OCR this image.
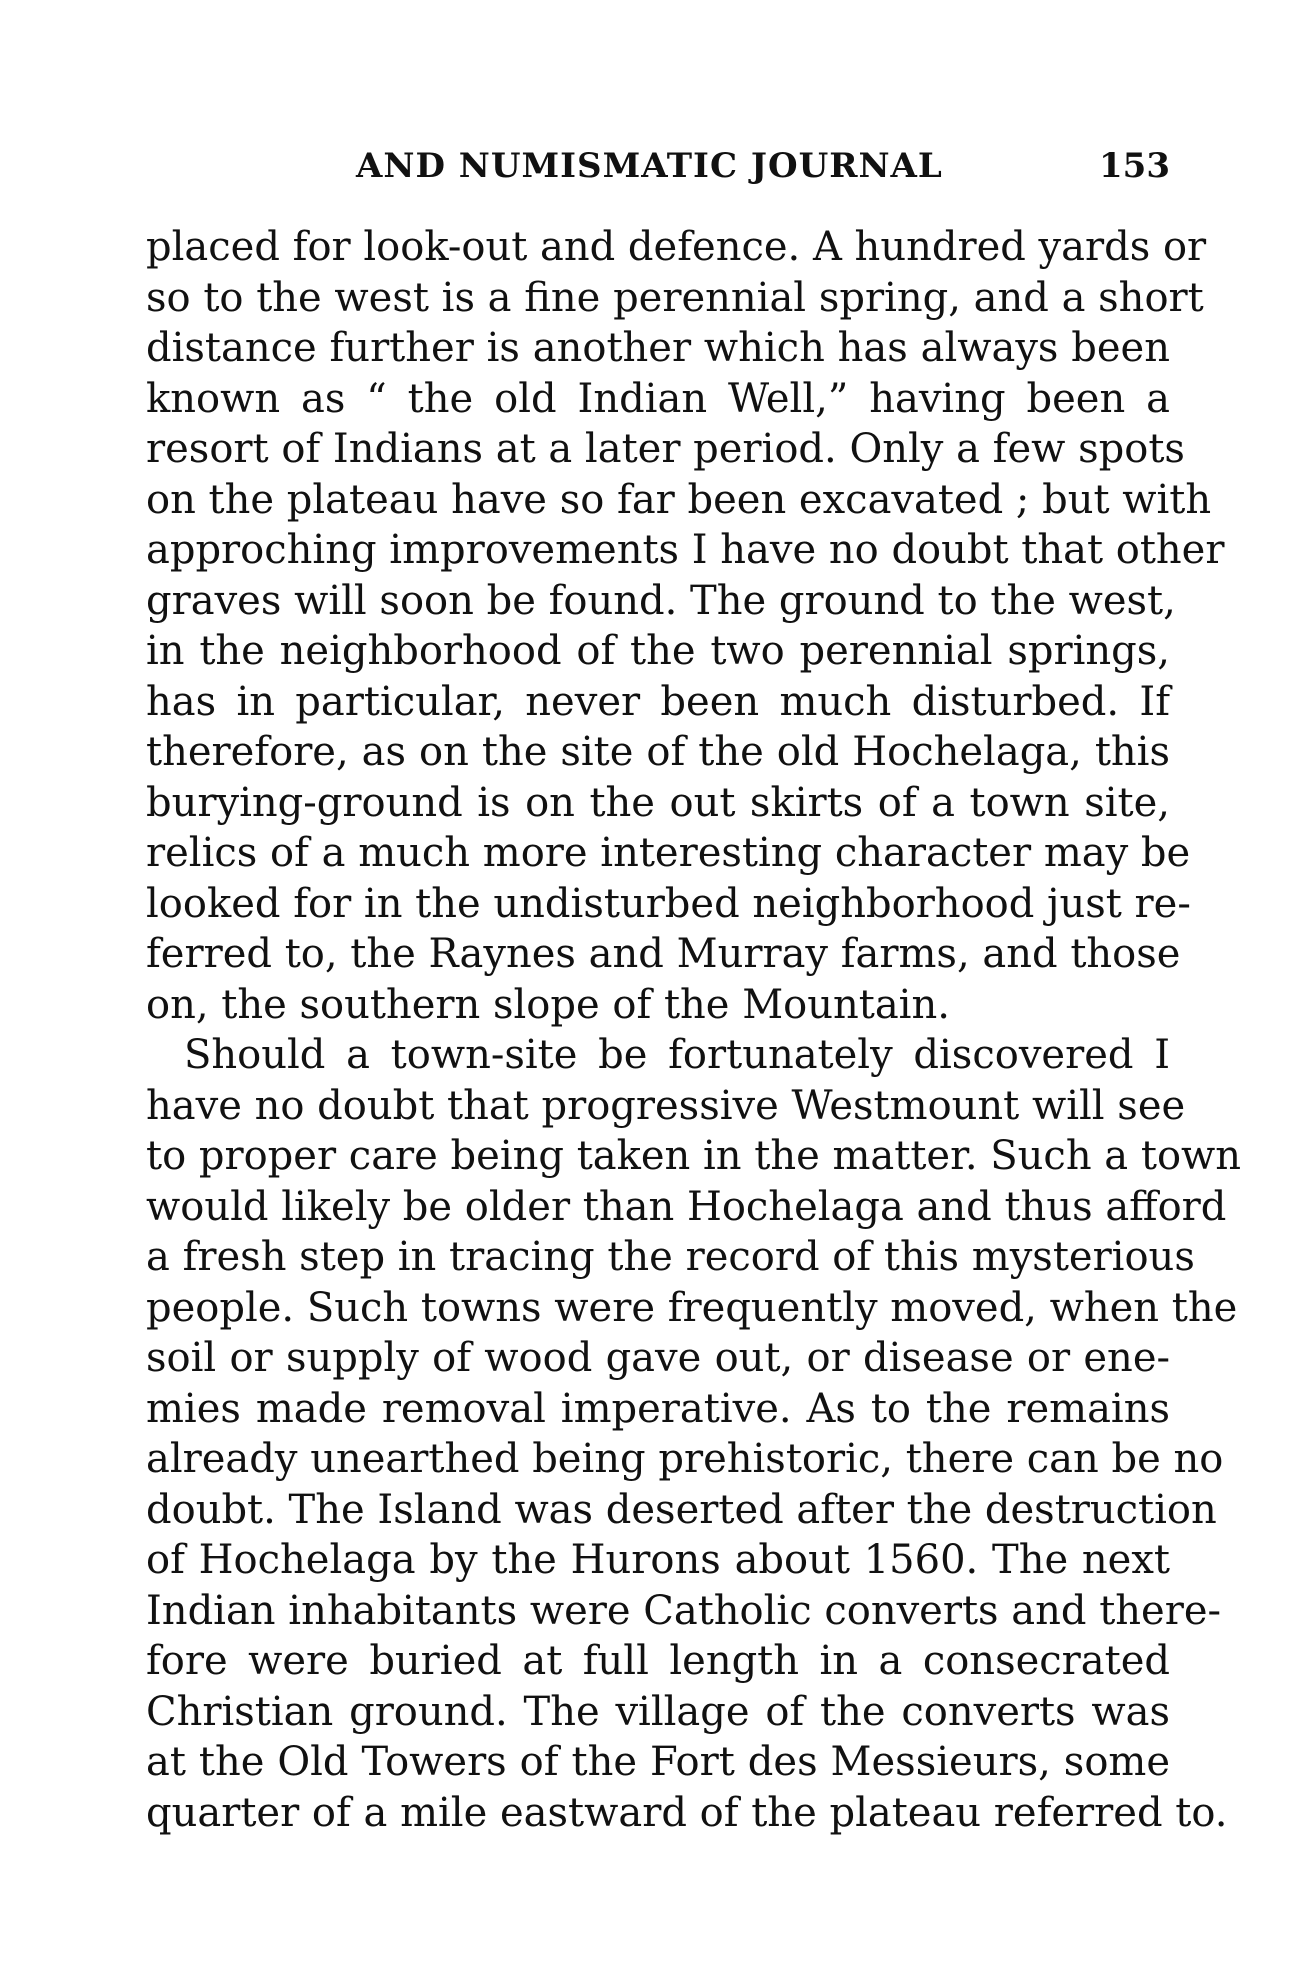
AND NUMISMATIC JOURNAL	153

placed for look-out and defence. A hundred yards or
so to the west is a fine perennial spring, and a short
distance further is another which has always been
known as “ the old Indian Well,” having been a
resort of Indians at a later period. Only a few spots
on the plateau have so far been excavated ; but with
approching improvements I have no doubt that other
graves will soon be found. The ground to the west,
in the neighborhood of the two perennial springs,
has in particular, never been much disturbed. If
therefore, as on the site of the old Hochelaga, this
burying-ground is on the out skirts of a town site,
relics of a much more interesting character may be
looked for in the undisturbed neighborhood just re-
ferred to, the Raynes and Murray farms, and those
on, the southern slope of the Mountain.

Should a town-site be fortunately discovered I
have no doubt that progressive Westmount will see
to proper care being taken in the matter. Such a town
would likely be older than Hochelaga and thus afford
a fresh step in tracing the record of this mysterious
people. Such towns were frequently moved, when the
soil or supply of wood gave out, or disease or ene-
mies made removal imperative. As to the remains
already unearthed being prehistoric, there can be no
doubt. The Island was deserted after the destruction
of Hochelaga by the Hurons about 1560. The next
Indian inhabitants were Catholic converts and there-
fore were buried at full length in a consecrated
Christian ground. The village of the converts was
at the Old Towers of the Fort des Messieurs, some
quarter of a mile eastward of the plateau referred to.
